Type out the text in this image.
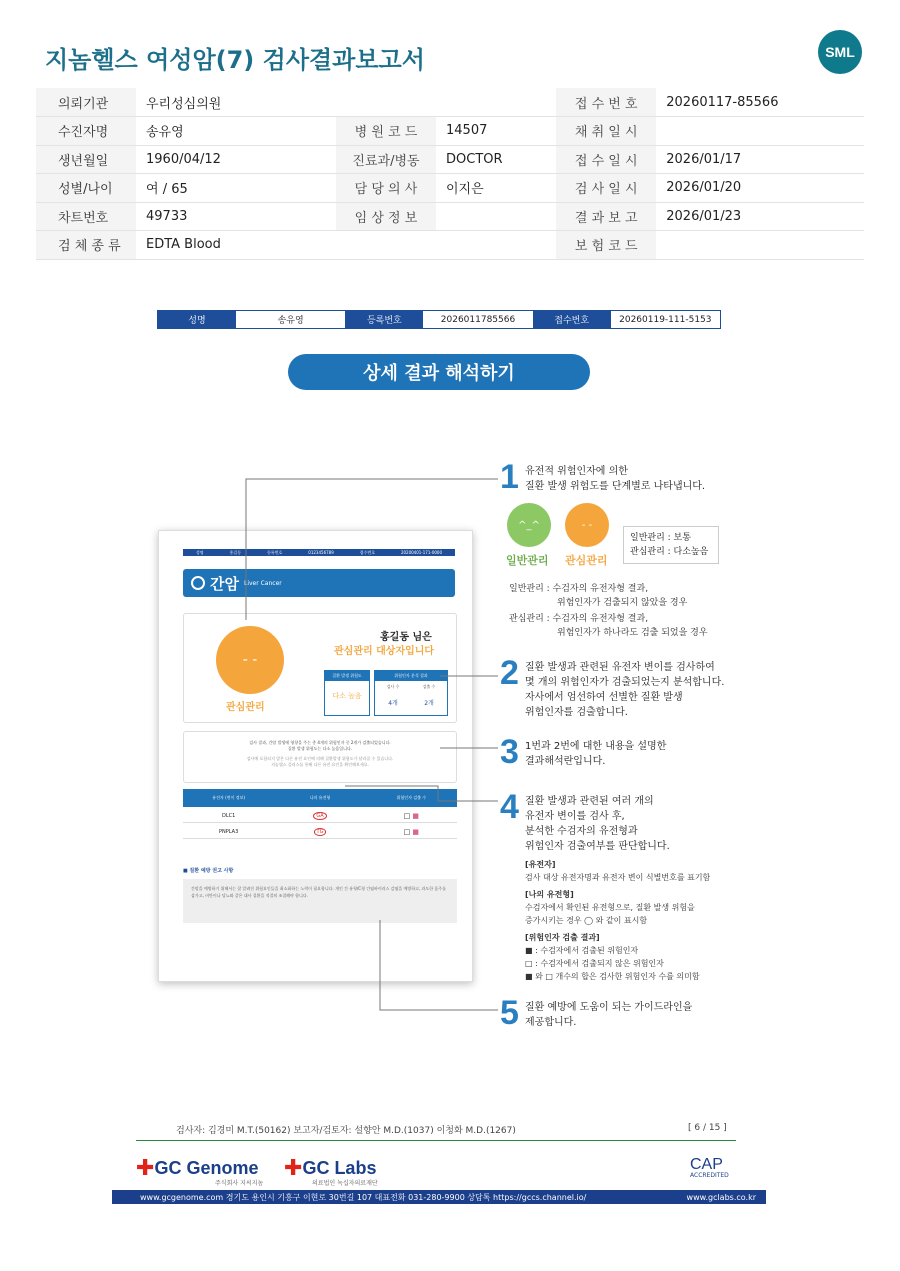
지놈헬스 여성암(7) 검사결과보고서	SML
의뢰기관	우리성심의원			접 수 번 호	20260117-85566
수진자명	송유영	병 원 코 드	14507	채 취 일 시	
생년월일	1960/04/12	진료과/병동	DOCTOR	접 수 일 시	2026/01/17
성별/나이	여 / 65	담 당 의 사	이지은	검 사 일 시	2026/01/20
차트번호	49733	임 상 정 보		결 과 보 고	2026/01/23
검 체 종 류	EDTA Blood			보 험 코 드	
성명	송유영	등록번호	2026011785566	접수번호	20260119-111-5153
상세 결과 해석하기
성명	홍길동	등록번호	0123456789	접수번호	20200401-171-0000
간암 Liver Cancer
- -
관심관리
홍길동 님은
관심관리 대상자입니다
질환 발생 위험도
다소 높음
위험인자 분석 결과
검사 수	검출 수
4개	2개
검사 결과, 간암 발생에 영향을 주는 총 4개의 위험인자 중 2개가 검출되었습니다.
질환 발생 위험도는 다소 높음입니다.
검사에 포함되지 않은 다른 유전 요인에 의해 질환발생 위험도가 달라질 수 있습니다.
지놈헬스 플러스를 통해 다른 유전 요인을 확인해보세요.
유전자 (변이 정보)	나의 유전형	위험인자 검출 수
DLC1	GA	□ ■
PNPLA3	TG	□ ■
■ 질환 예방 권고 사항
간암을 예방하기 위해서는 잘 알려진 위험요인들을 최소화하는 노력이 필요합니다. 개인 간 유형/C형 간염바이러스 감염을 예방하고, 과도한 음주를 삼가고, 비만이나 당뇨와 같은 대사 질환을 적절히 조절해야 합니다.
1 유전적 위험인자에 의한
질환 발생 위험도를 단계별로 나타냅니다.
^_^	- -
일반관리 관심관리
일반관리 : 보통
관심관리 : 다소높음
일반관리 : 수검자의 유전자형 결과,
위험인자가 검출되지 않았을 경우
관심관리 : 수검자의 유전자형 결과,
위험인자가 하나라도 검출 되었을 경우
2 질환 발생과 관련된 유전자 변이를 검사하여
몇 개의 위험인자가 검출되었는지 분석합니다.
자사에서 엄선하여 선별한 질환 발생
위험인자를 검출합니다.
3 1번과 2번에 대한 내용을 설명한
결과해석란입니다.
4 질환 발생과 관련된 여러 개의
유전자 변이를 검사 후,
분석한 수검자의 유전형과
위험인자 검출여부를 판단합니다.
[유전자]
검사 대상 유전자명과 유전자 변이 식별번호를 표기함
[나의 유전형]
수검자에서 확인된 유전형으로, 질환 발생 위험을
증가시키는 경우 ◯ 와 같이 표시함
[위험인자 검출 결과]
■ : 수검자에서 검출된 위험인자
□ : 수검자에서 검출되지 않은 위험인자
■ 와 □ 개수의 합은 검사한 위험인자 수를 의미함
5 질환 예방에 도움이 되는 가이드라인을
제공합니다.
검사자: 김경미 M.T.(50162) 보고자/검토자: 설향안 M.D.(1037) 이청화 M.D.(1267)	[ 6 / 15 ]
✚ GC Genome
주식회사 지씨지놈
✚ GC Labs
의료법인 녹십자의료재단
CAP
ACCREDITED
www.gcgenome.com 경기도 용인시 기흥구 이현로 30번길 107 대표전화 031-280-9900 상담톡 https://gccs.channel.io/	www.gclabs.co.kr
